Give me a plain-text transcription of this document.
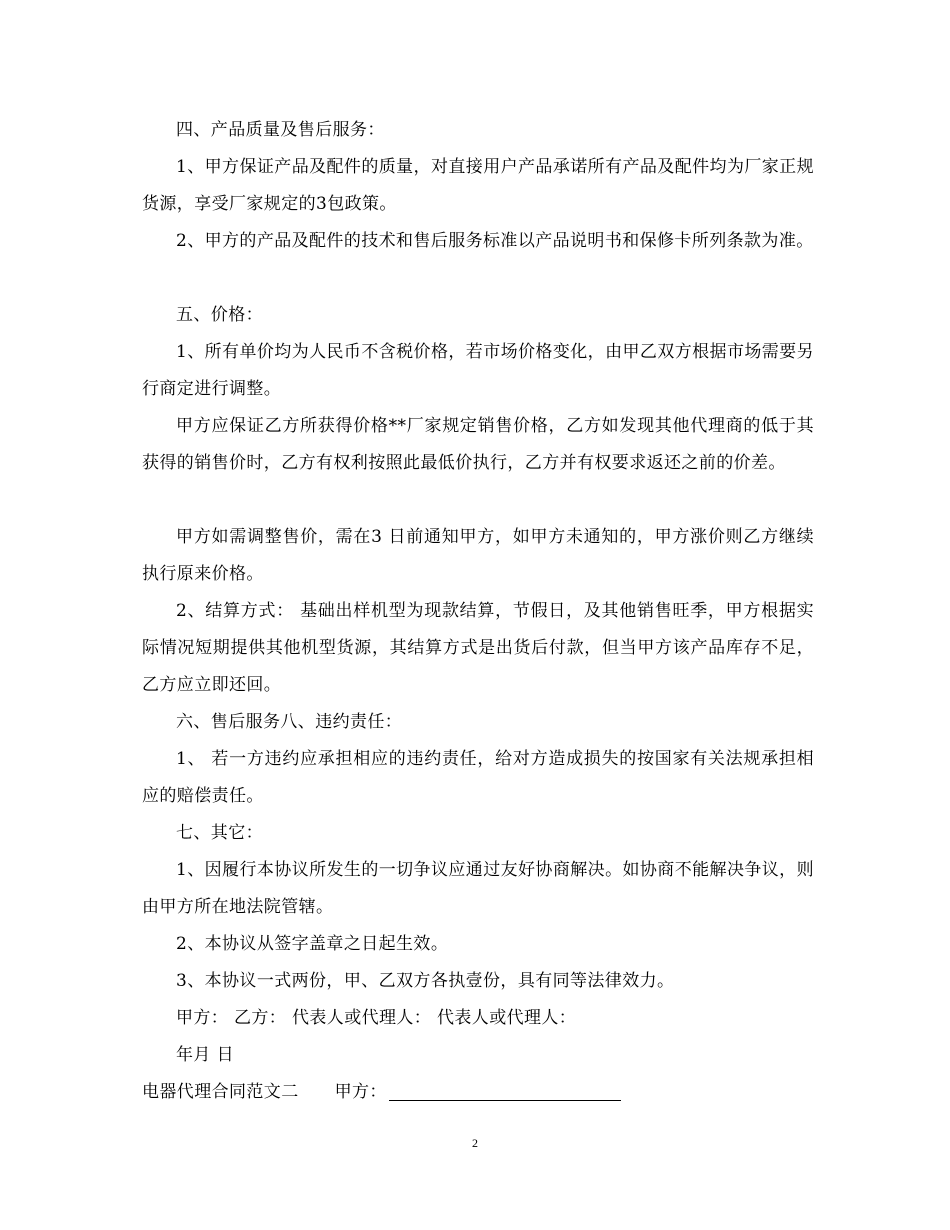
四、产品质量及售后服务：
1、甲方保证产品及配件的质量，对直接用户产品承诺所有产品及配件均为厂家正规货源，享受厂家规定的3包政策。
2、甲方的产品及配件的技术和售后服务标准以产品说明书和保修卡所列条款为准。
五、价格：
1、所有单价均为人民币不含税价格，若市场价格变化，由甲乙双方根据市场需要另行商定进行调整。
甲方应保证乙方所获得价格**厂家规定销售价格，乙方如发现其他代理商的低于其获得的销售价时，乙方有权利按照此最低价执行，乙方并有权要求返还之前的价差。
甲方如需调整售价，需在3 日前通知甲方，如甲方未通知的，甲方涨价则乙方继续执行原来价格。
2、结算方式： 基础出样机型为现款结算，节假日，及其他销售旺季，甲方根据实际情况短期提供其他机型货源，其结算方式是出货后付款，但当甲方该产品库存不足，乙方应立即还回。
六、售后服务八、违约责任：
1、 若一方违约应承担相应的违约责任，给对方造成损失的按国家有关法规承担相应的赔偿责任。
七、其它：
1、因履行本协议所发生的一切争议应通过友好协商解决。如协商不能解决争议，则由甲方所在地法院管辖。
2、本协议从签字盖章之日起生效。
3、本协议一式两份，甲、乙双方各执壹份，具有同等法律效力。
甲方： 乙方： 代表人或代理人： 代表人或代理人：
年月 日
电器代理合同范文二 甲方：
2
